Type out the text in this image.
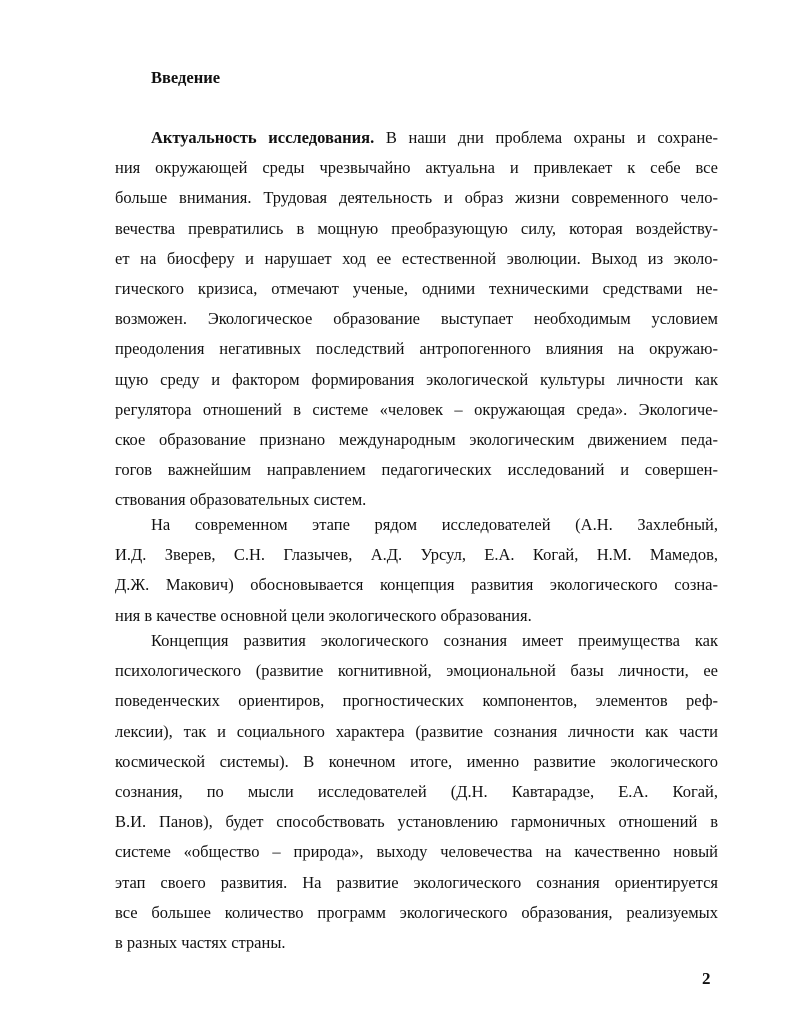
Введение

Актуальность исследования. В наши дни проблема охраны и сохране-

ния окружающей среды чрезвычайно актуальна и привлекает к себе все

больше внимания. Трудовая деятельность и образ жизни современного чело-

вечества превратились в мощную преобразующую силу, которая воздейству-

ет на биосферу и нарушает ход ее естественной эволюции. Выход из эколо-

гического кризиса, отмечают ученые, одними техническими средствами не-

возможен. Экологическое образование выступает необходимым условием

преодоления негативных последствий антропогенного влияния на окружаю-

щую среду и фактором формирования экологической культуры личности как

регулятора отношений в системе «человек – окружающая среда». Экологиче-

ское образование признано международным экологическим движением педа-

гогов важнейшим направлением педагогических исследований и совершен-

ствования образовательных систем.

На современном этапе рядом исследователей (А.Н. Захлебный,

И.Д. Зверев, С.Н. Глазычев, А.Д. Урсул, Е.А. Когай, Н.М. Мамедов,

Д.Ж. Макович) обосновывается концепция развития экологического созна-

ния в качестве основной цели экологического образования.

Концепция развития экологического сознания имеет преимущества как

психологического (развитие когнитивной, эмоциональной базы личности, ее

поведенческих ориентиров, прогностических компонентов, элементов реф-

лексии), так и социального характера (развитие сознания личности как части

космической системы). В конечном итоге, именно развитие экологического

сознания, по мысли исследователей (Д.Н. Кавтарадзе, Е.А. Когай,

В.И. Панов), будет способствовать установлению гармоничных отношений в

системе «общество – природа», выходу человечества на качественно новый

этап своего развития. На развитие экологического сознания ориентируется

все большее количество программ экологического образования, реализуемых

в разных частях страны.

2
